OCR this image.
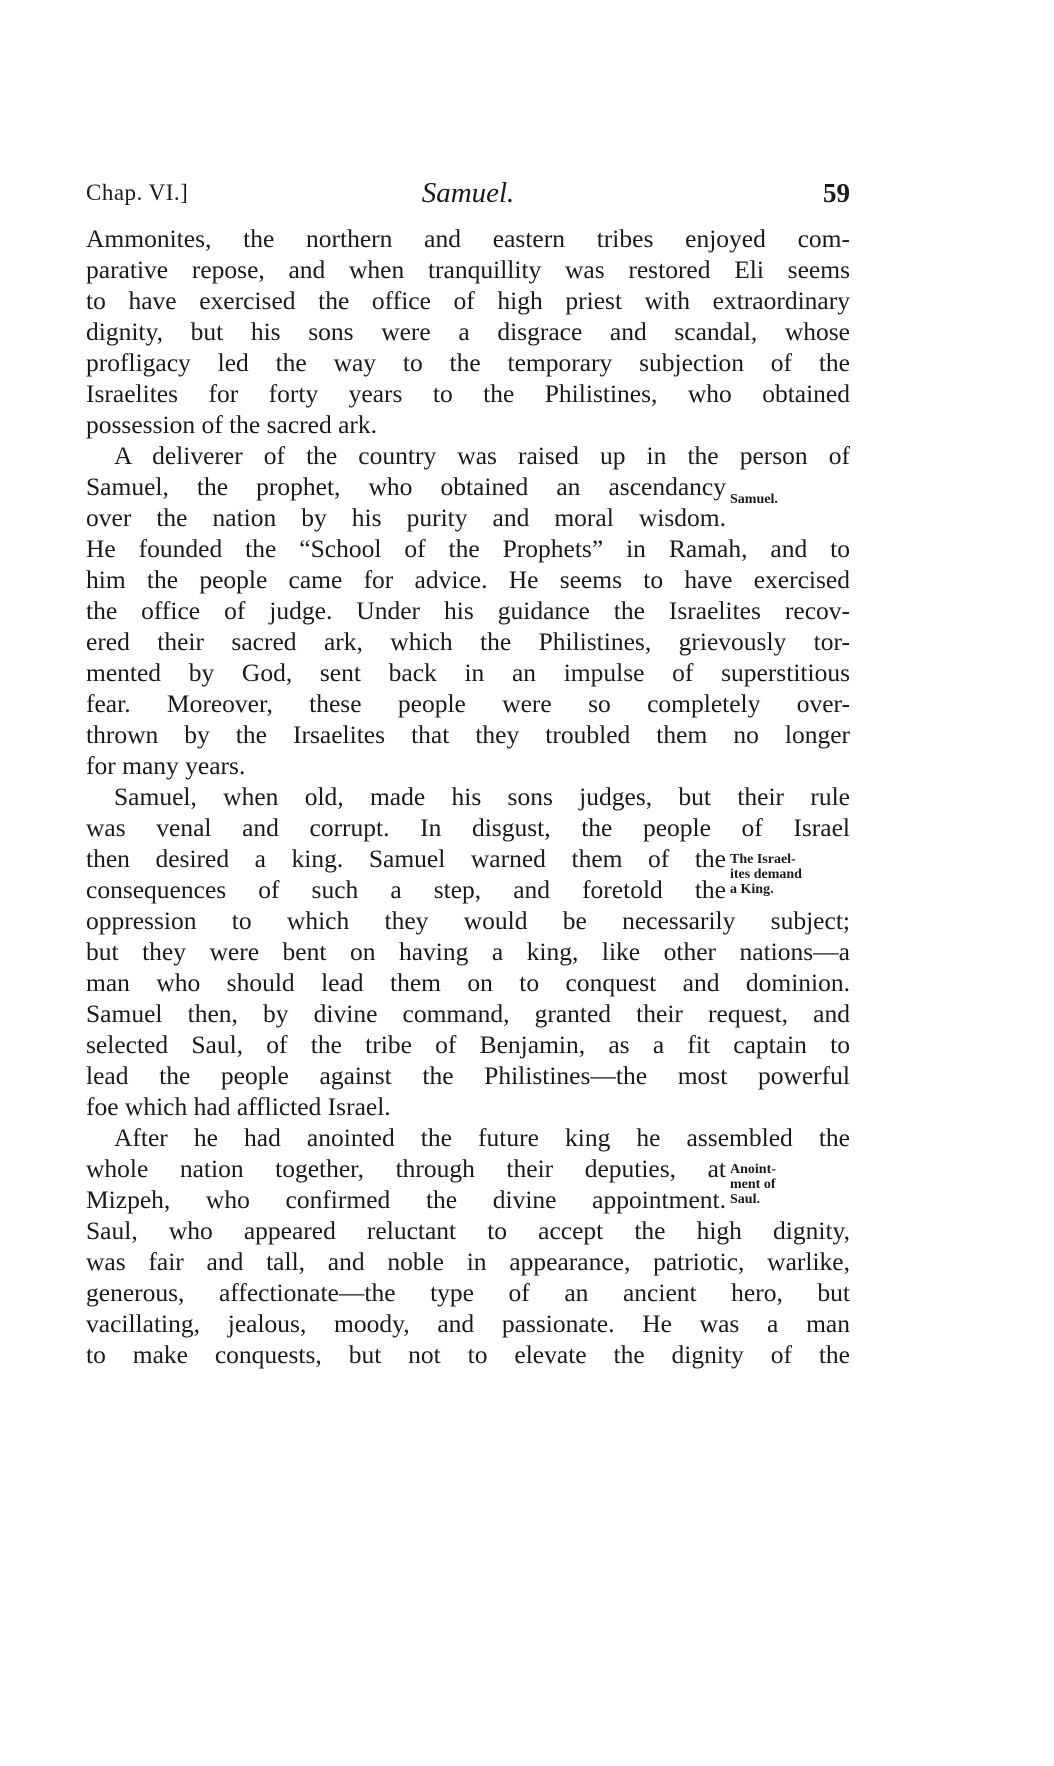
Chap. VI.]	Samuel.	59
Ammonites, the northern and eastern tribes enjoyed com-
parative repose, and when tranquillity was restored Eli seems
to have exercised the office of high priest with extraordinary
dignity, but his sons were a disgrace and scandal, whose
profligacy led the way to the temporary subjection of the
Israelites for forty years to the Philistines, who obtained
possession of the sacred ark.
A deliverer of the country was raised up in the person of
Samuel, the prophet, who obtained an ascendancy
over the nation by his purity and moral wisdom.
He founded the “School of the Prophets” in Ramah, and to
him the people came for advice. He seems to have exercised
the office of judge. Under his guidance the Israelites recov-
ered their sacred ark, which the Philistines, grievously tor-
mented by God, sent back in an impulse of superstitious
fear. Moreover, these people were so completely over-
thrown by the Irsaelites that they troubled them no longer
for many years.
Samuel, when old, made his sons judges, but their rule
was venal and corrupt. In disgust, the people of Israel
then desired a king. Samuel warned them of the
consequences of such a step, and foretold the
oppression to which they would be necessarily subject;
but they were bent on having a king, like other nations—a
man who should lead them on to conquest and dominion.
Samuel then, by divine command, granted their request, and
selected Saul, of the tribe of Benjamin, as a fit captain to
lead the people against the Philistines—the most powerful
foe which had afflicted Israel.
After he had anointed the future king he assembled the
whole nation together, through their deputies, at
Mizpeh, who confirmed the divine appointment.
Saul, who appeared reluctant to accept the high dignity,
was fair and tall, and noble in appearance, patriotic, warlike,
generous, affectionate—the type of an ancient hero, but
vacillating, jealous, moody, and passionate. He was a man
to make conquests, but not to elevate the dignity of the
Samuel.
The Israel-
ites demand
a King.
Anoint-
ment of
Saul.
